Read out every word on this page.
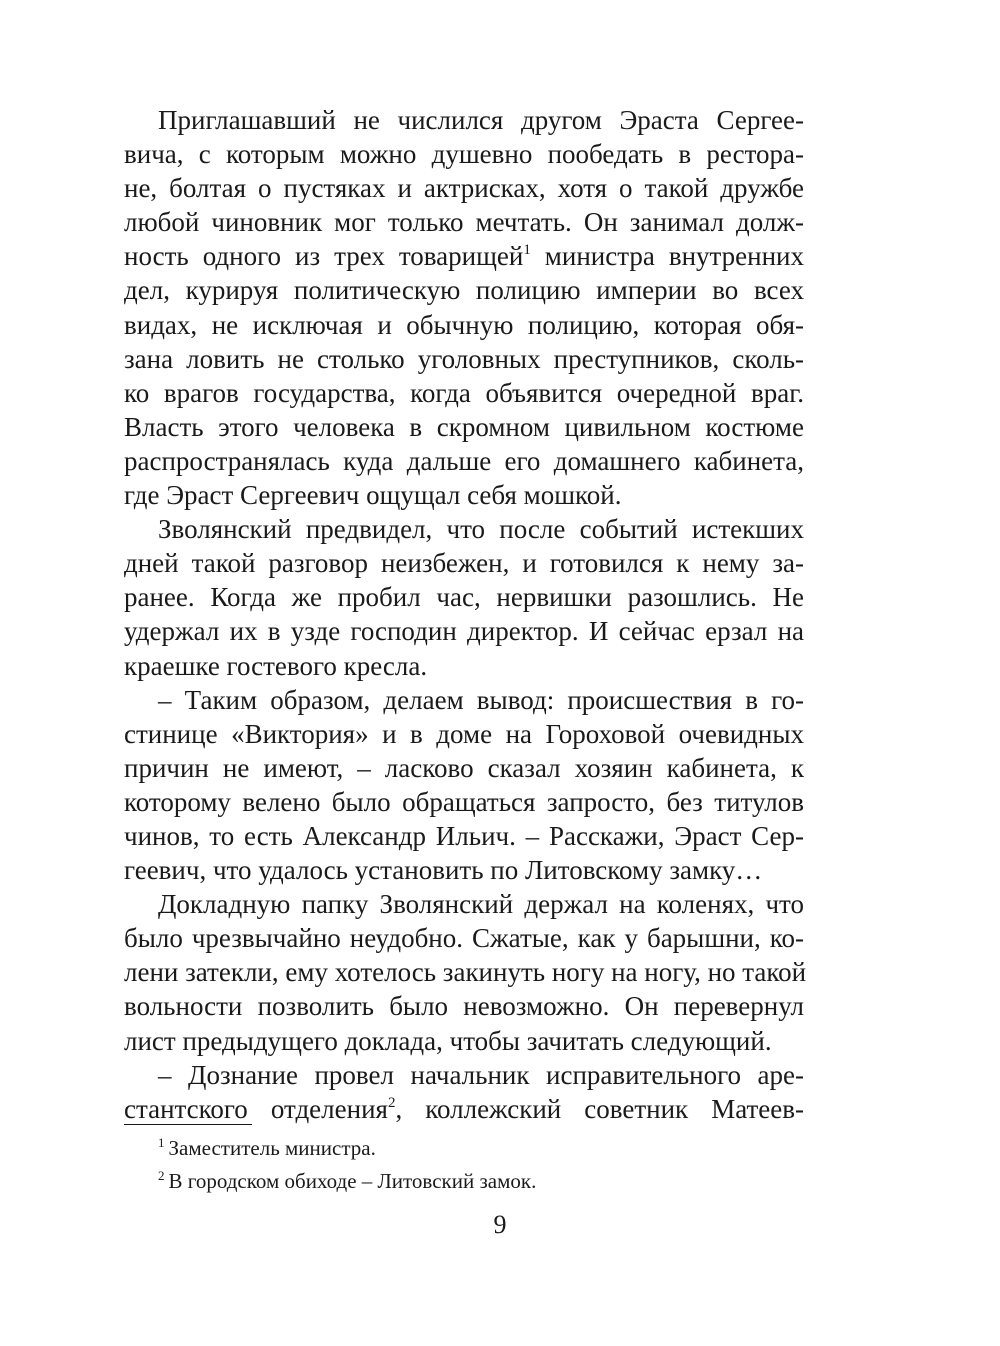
Приглашавший не числился другом Эраста Сергее-
вича, с которым можно душевно пообедать в рестора-
не, болтая о пустяках и актрисках, хотя о такой дружбе
любой чиновник мог только мечтать. Он занимал долж-
ность одного из трех товарищей$^1$ министра внутренних
дел, курируя политическую полицию империи во всех
видах, не исключая и обычную полицию, которая обя-
зана ловить не столько уголовных преступников, сколь-
ко врагов государства, когда объявится очередной враг.
Власть этого человека в скромном цивильном костюме
распространялась куда дальше его домашнего кабинета,
где Эраст Сергеевич ощущал себя мошкой.
Зволянский предвидел, что после событий истекших
дней такой разговор неизбежен, и готовился к нему за-
ранее. Когда же пробил час, нервишки разошлись. Не
удержал их в узде господин директор. И сейчас ерзал на
краешке гостевого кресла.
– Таким образом, делаем вывод: происшествия в го-
стинице «Виктория» и в доме на Гороховой очевидных
причин не имеют, – ласково сказал хозяин кабинета, к
которому велено было обращаться запросто, без титулов
чинов, то есть Александр Ильич. – Расскажи, Эраст Сер-
геевич, что удалось установить по Литовскому замку…
Докладную папку Зволянский держал на коленях, что
было чрезвычайно неудобно. Сжатые, как у барышни, ко-
лени затекли, ему хотелось закинуть ногу на ногу, но такой
вольности позволить было невозможно. Он перевернул
лист предыдущего доклада, чтобы зачитать следующий.
– Дознание провел начальник исправительного аре-
стантского отделения$^2$, коллежский советник Матеев-
$^1$ Заместитель министра.
$^2$ В городском обиходе – Литовский замок.
9
